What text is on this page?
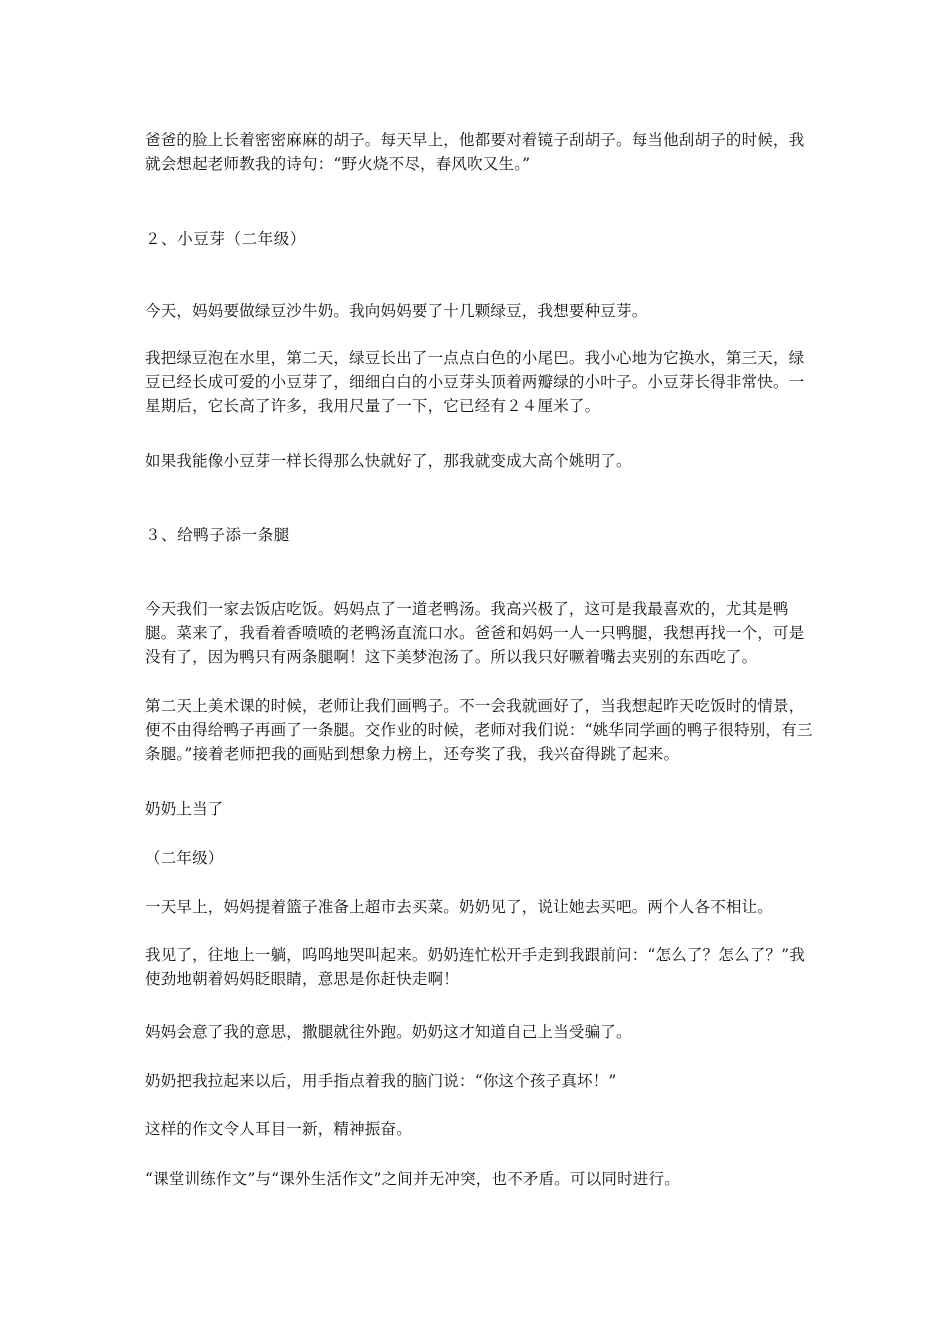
爸爸的脸上长着密密麻麻的胡子。每天早上，他都要对着镜子刮胡子。每当他刮胡子的时候，我就会想起老师教我的诗句：“野火烧不尽，春风吹又生。”

２、小豆芽（二年级）

今天，妈妈要做绿豆沙牛奶。我向妈妈要了十几颗绿豆，我想要种豆芽。

我把绿豆泡在水里，第二天，绿豆长出了一点点白色的小尾巴。我小心地为它换水，第三天，绿豆已经长成可爱的小豆芽了，细细白白的小豆芽头顶着两瓣绿的小叶子。小豆芽长得非常快。一星期后，它长高了许多，我用尺量了一下，它已经有２４厘米了。

如果我能像小豆芽一样长得那么快就好了，那我就变成大高个姚明了。

３、给鸭子添一条腿

今天我们一家去饭店吃饭。妈妈点了一道老鸭汤。我高兴极了，这可是我最喜欢的，尤其是鸭腿。菜来了，我看着香喷喷的老鸭汤直流口水。爸爸和妈妈一人一只鸭腿，我想再找一个，可是没有了，因为鸭只有两条腿啊！这下美梦泡汤了。所以我只好噘着嘴去夹别的东西吃了。

第二天上美术课的时候，老师让我们画鸭子。不一会我就画好了，当我想起昨天吃饭时的情景，便不由得给鸭子再画了一条腿。交作业的时候，老师对我们说：“姚华同学画的鸭子很特别，有三条腿。”接着老师把我的画贴到想象力榜上，还夸奖了我，我兴奋得跳了起来。

奶奶上当了

（二年级）

一天早上，妈妈提着篮子准备上超市去买菜。奶奶见了，说让她去买吧。两个人各不相让。

我见了，往地上一躺，呜呜地哭叫起来。奶奶连忙松开手走到我跟前问：“怎么了？怎么了？”我使劲地朝着妈妈眨眼睛，意思是你赶快走啊！

妈妈会意了我的意思，撒腿就往外跑。奶奶这才知道自己上当受骗了。

奶奶把我拉起来以后，用手指点着我的脑门说：“你这个孩子真坏！”

这样的作文令人耳目一新，精神振奋。

“课堂训练作文”与“课外生活作文”之间并无冲突，也不矛盾。可以同时进行。
